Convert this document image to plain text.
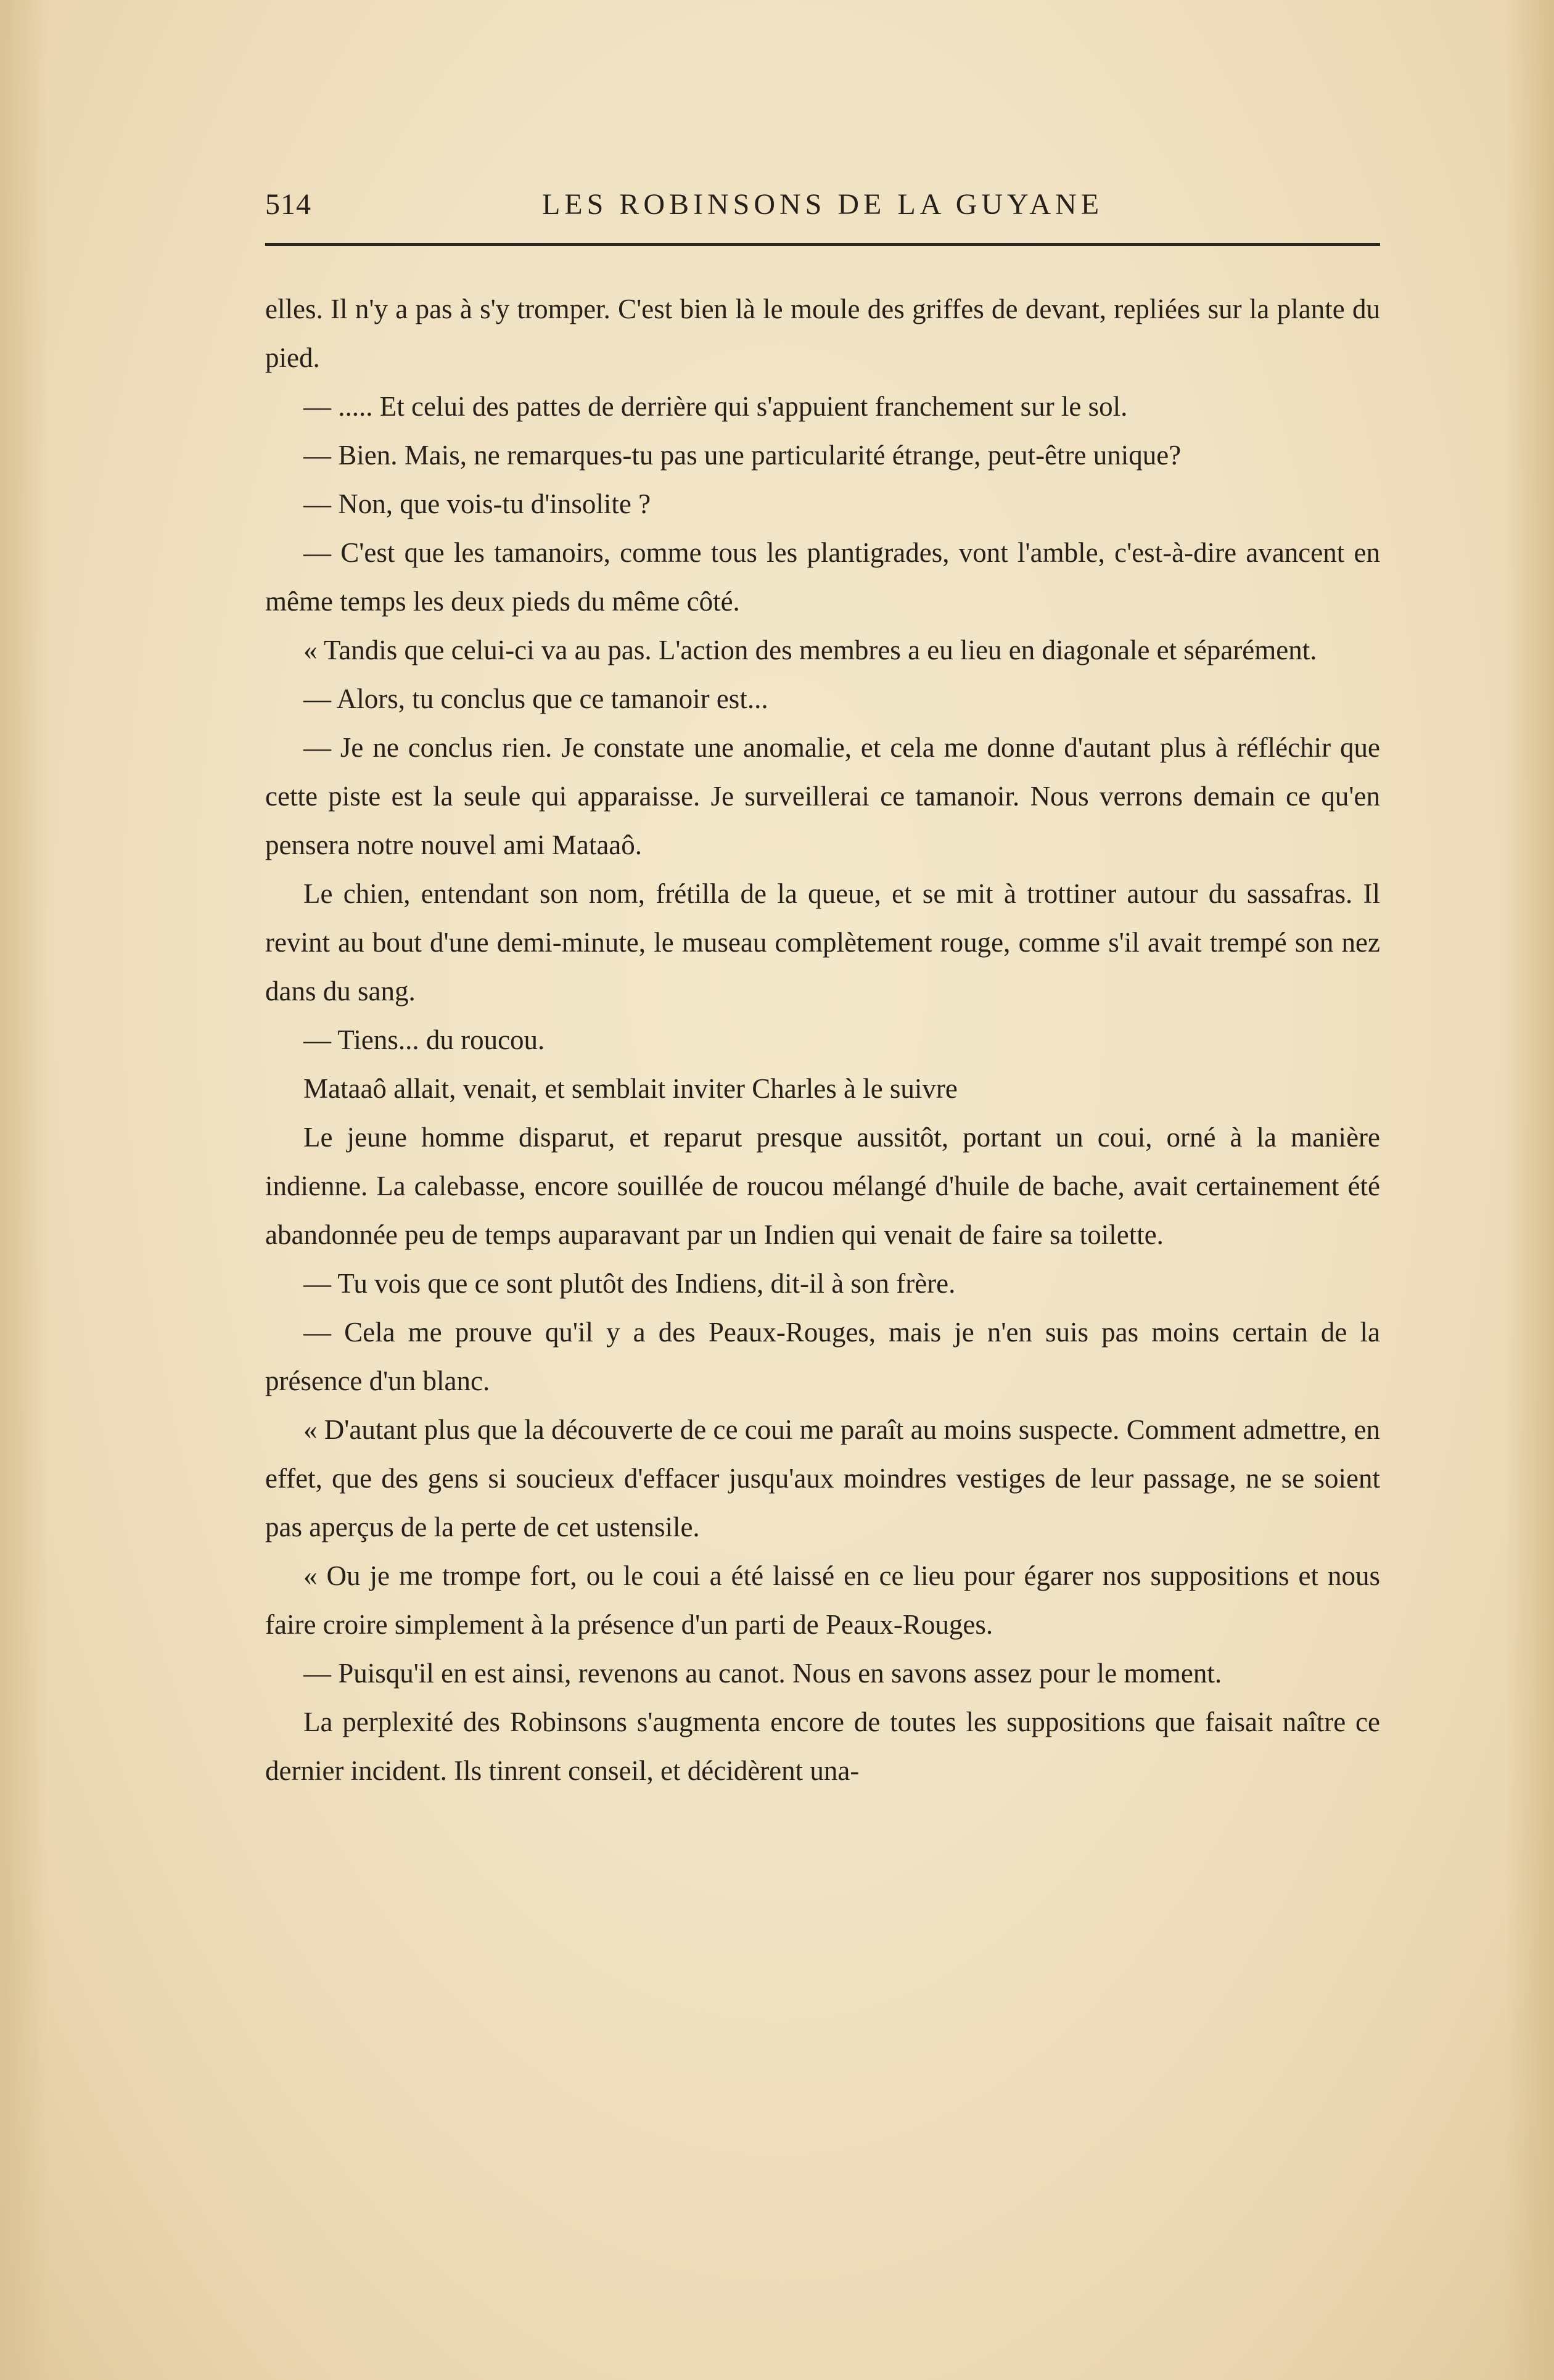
514	LES ROBINSONS DE LA GUYANE

elles. Il n'y a pas à s'y tromper. C'est bien là le moule des griffes de devant, repliées sur la plante du pied.

— ..... Et celui des pattes de derrière qui s'appuient franchement sur le sol.

— Bien. Mais, ne remarques-tu pas une particularité étrange, peut-être unique?

— Non, que vois-tu d'insolite ?

— C'est que les tamanoirs, comme tous les plantigrades, vont l'amble, c'est-à-dire avancent en même temps les deux pieds du même côté.

« Tandis que celui-ci va au pas. L'action des membres a eu lieu en diagonale et séparément.

— Alors, tu conclus que ce tamanoir est...

— Je ne conclus rien. Je constate une anomalie, et cela me donne d'autant plus à réfléchir que cette piste est la seule qui apparaisse. Je surveillerai ce tamanoir. Nous verrons demain ce qu'en pensera notre nouvel ami Mataaô.

Le chien, entendant son nom, frétilla de la queue, et se mit à trottiner autour du sassafras. Il revint au bout d'une demi-minute, le museau complètement rouge, comme s'il avait trempé son nez dans du sang.

— Tiens... du roucou.

Mataaô allait, venait, et semblait inviter Charles à le suivre

Le jeune homme disparut, et reparut presque aussitôt, portant un coui, orné à la manière indienne. La calebasse, encore souillée de roucou mélangé d'huile de bache, avait certainement été abandonnée peu de temps auparavant par un Indien qui venait de faire sa toilette.

— Tu vois que ce sont plutôt des Indiens, dit-il à son frère.

— Cela me prouve qu'il y a des Peaux-Rouges, mais je n'en suis pas moins certain de la présence d'un blanc.

« D'autant plus que la découverte de ce coui me paraît au moins suspecte. Comment admettre, en effet, que des gens si soucieux d'effacer jusqu'aux moindres vestiges de leur passage, ne se soient pas aperçus de la perte de cet ustensile.

« Ou je me trompe fort, ou le coui a été laissé en ce lieu pour égarer nos suppositions et nous faire croire simplement à la présence d'un parti de Peaux-Rouges.

— Puisqu'il en est ainsi, revenons au canot. Nous en savons assez pour le moment.

La perplexité des Robinsons s'augmenta encore de toutes les suppositions que faisait naître ce dernier incident. Ils tinrent conseil, et décidèrent una-
